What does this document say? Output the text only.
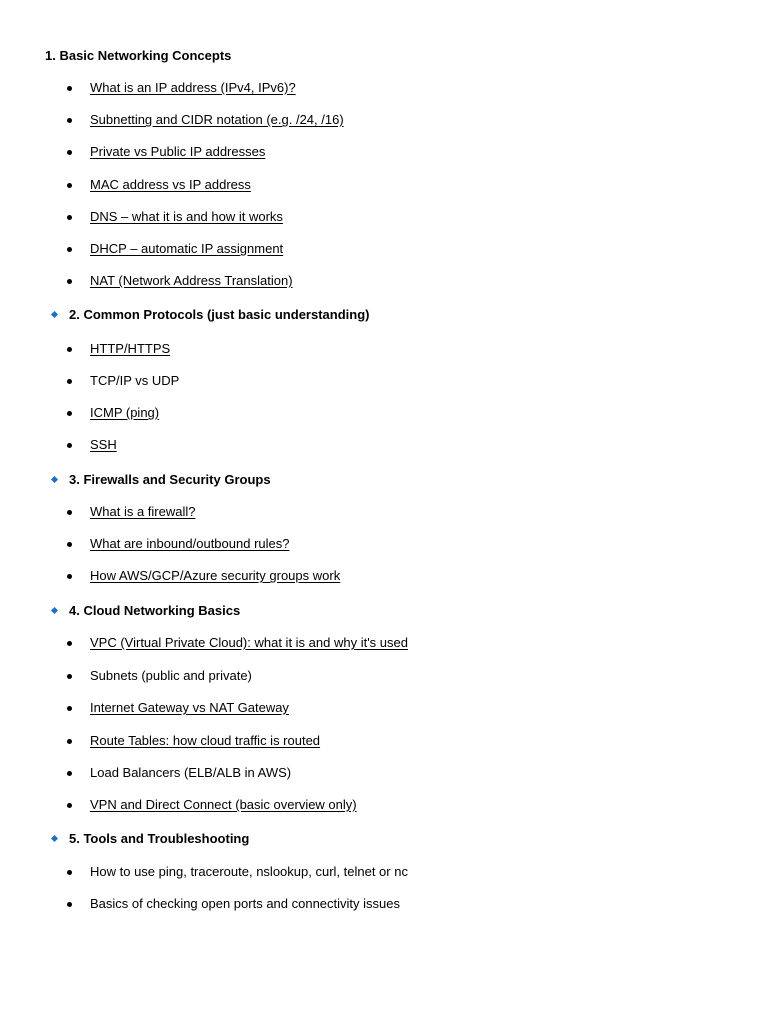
1. Basic Networking Concepts
What is an IP address (IPv4, IPv6)?
Subnetting and CIDR notation (e.g. /24, /16)
Private vs Public IP addresses
MAC address vs IP address
DNS – what it is and how it works
DHCP – automatic IP assignment
NAT (Network Address Translation)
2. Common Protocols (just basic understanding)
HTTP/HTTPS
TCP/IP vs UDP
ICMP (ping)
SSH
3. Firewalls and Security Groups
What is a firewall?
What are inbound/outbound rules?
How AWS/GCP/Azure security groups work
4. Cloud Networking Basics
VPC (Virtual Private Cloud): what it is and why it's used
Subnets (public and private)
Internet Gateway vs NAT Gateway
Route Tables: how cloud traffic is routed
Load Balancers (ELB/ALB in AWS)
VPN and Direct Connect (basic overview only)
5. Tools and Troubleshooting
How to use ping, traceroute, nslookup, curl, telnet or nc
Basics of checking open ports and connectivity issues
